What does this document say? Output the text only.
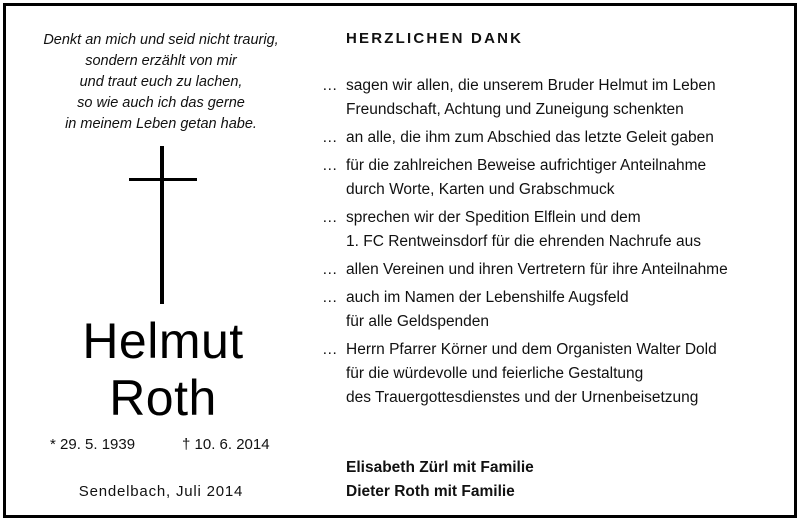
Denkt an mich und seid nicht traurig,
sondern erzählt von mir
und traut euch zu lachen,
so wie auch ich das gerne
in meinem Leben getan habe.
Helmut
Roth
* 29. 5. 1939	† 10. 6. 2014
Sendelbach, Juli 2014
HERZLICHEN DANK
… sagen wir allen, die unserem Bruder Helmut im Leben
Freundschaft, Achtung und Zuneigung schenkten
… an alle, die ihm zum Abschied das letzte Geleit gaben
… für die zahlreichen Beweise aufrichtiger Anteilnahme
durch Worte, Karten und Grabschmuck
… sprechen wir der Spedition Elflein und dem
1. FC Rentweinsdorf für die ehrenden Nachrufe aus
… allen Vereinen und ihren Vertretern für ihre Anteilnahme
… auch im Namen der Lebenshilfe Augsfeld
für alle Geldspenden
… Herrn Pfarrer Körner und dem Organisten Walter Dold
für die würdevolle und feierliche Gestaltung
des Trauergottesdienstes und der Urnenbeisetzung
Elisabeth Zürl mit Familie
Dieter Roth mit Familie
